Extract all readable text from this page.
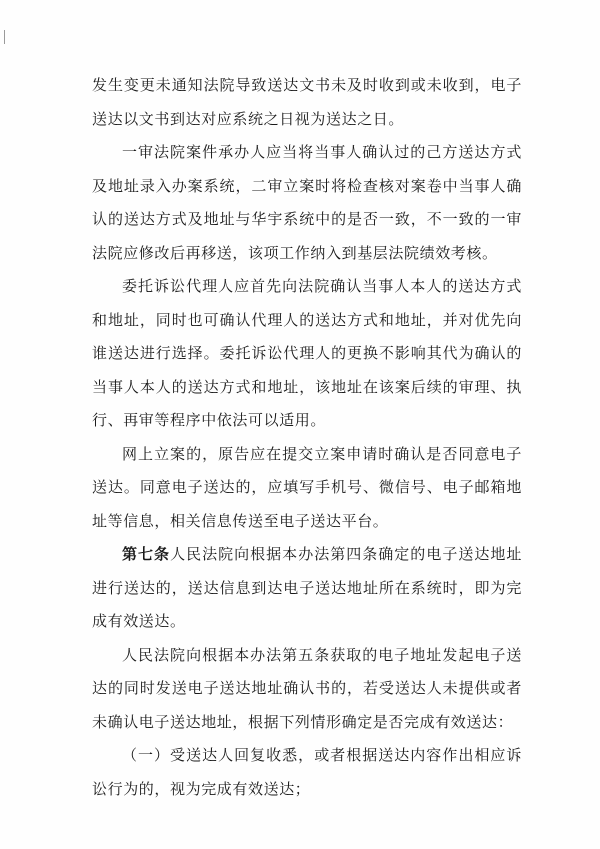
发生变更未通知法院导致送达文书未及时收到或未收到，电子送达以文书到达对应系统之日视为送达之日。

一审法院案件承办人应当将当事人确认过的己方送达方式及地址录入办案系统，二审立案时将检查核对案卷中当事人确认的送达方式及地址与华宇系统中的是否一致，不一致的一审法院应修改后再移送，该项工作纳入到基层法院绩效考核。

委托诉讼代理人应首先向法院确认当事人本人的送达方式和地址，同时也可确认代理人的送达方式和地址，并对优先向谁送达进行选择。委托诉讼代理人的更换不影响其代为确认的当事人本人的送达方式和地址，该地址在该案后续的审理、执行、再审等程序中依法可以适用。

网上立案的，原告应在提交立案申请时确认是否同意电子送达。同意电子送达的，应填写手机号、微信号、电子邮箱地址等信息，相关信息传送至电子送达平台。

第七条人民法院向根据本办法第四条确定的电子送达地址进行送达的，送达信息到达电子送达地址所在系统时，即为完成有效送达。

人民法院向根据本办法第五条获取的电子地址发起电子送达的同时发送电子送达地址确认书的，若受送达人未提供或者未确认电子送达地址，根据下列情形确定是否完成有效送达：

（一）受送达人回复收悉，或者根据送达内容作出相应诉讼行为的，视为完成有效送达；
